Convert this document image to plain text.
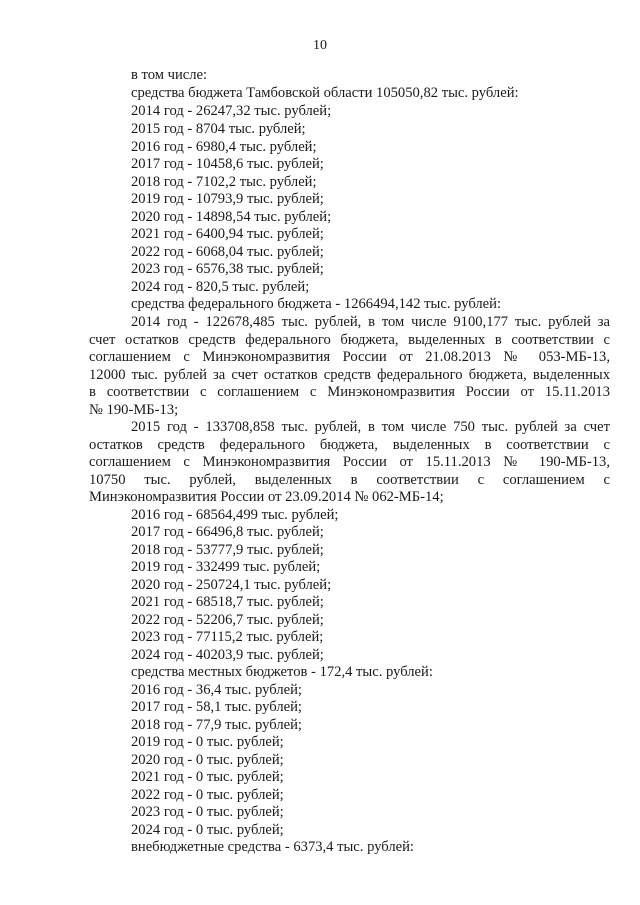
10
в том числе:
средства бюджета Тамбовской области 105050,82 тыс. рублей:
2014 год - 26247,32 тыс. рублей;
2015 год - 8704 тыс. рублей;
2016 год - 6980,4 тыс. рублей;
2017 год - 10458,6 тыс. рублей;
2018 год - 7102,2 тыс. рублей;
2019 год - 10793,9 тыс. рублей;
2020 год - 14898,54 тыс. рублей;
2021 год - 6400,94 тыс. рублей;
2022 год - 6068,04 тыс. рублей;
2023 год - 6576,38 тыс. рублей;
2024 год - 820,5 тыс. рублей;
средства федерального бюджета - 1266494,142 тыс. рублей:
2014 год - 122678,485 тыс. рублей, в том числе 9100,177 тыс. рублей за
счет остатков средств федерального бюджета, выделенных в соответствии с
соглашением с Минэкономразвития России от 21.08.2013 № 053-МБ-13,
12000 тыс. рублей за счет остатков средств федерального бюджета, выделенных
в соответствии с соглашением с Минэкономразвития России от 15.11.2013
№ 190-МБ-13;
2015 год - 133708,858 тыс. рублей, в том числе 750 тыс. рублей за счет
остатков средств федерального бюджета, выделенных в соответствии с
соглашением с Минэкономразвития России от 15.11.2013 № 190-МБ-13,
10750 тыс. рублей, выделенных в соответствии с соглашением с
Минэкономразвития России от 23.09.2014 № 062-МБ-14;
2016 год - 68564,499 тыс. рублей;
2017 год - 66496,8 тыс. рублей;
2018 год - 53777,9 тыс. рублей;
2019 год - 332499 тыс. рублей;
2020 год - 250724,1 тыс. рублей;
2021 год - 68518,7 тыс. рублей;
2022 год - 52206,7 тыс. рублей;
2023 год - 77115,2 тыс. рублей;
2024 год - 40203,9 тыс. рублей;
средства местных бюджетов - 172,4 тыс. рублей:
2016 год - 36,4 тыс. рублей;
2017 год - 58,1 тыс. рублей;
2018 год - 77,9 тыс. рублей;
2019 год - 0 тыс. рублей;
2020 год - 0 тыс. рублей;
2021 год - 0 тыс. рублей;
2022 год - 0 тыс. рублей;
2023 год - 0 тыс. рублей;
2024 год - 0 тыс. рублей;
внебюджетные средства - 6373,4 тыс. рублей:
